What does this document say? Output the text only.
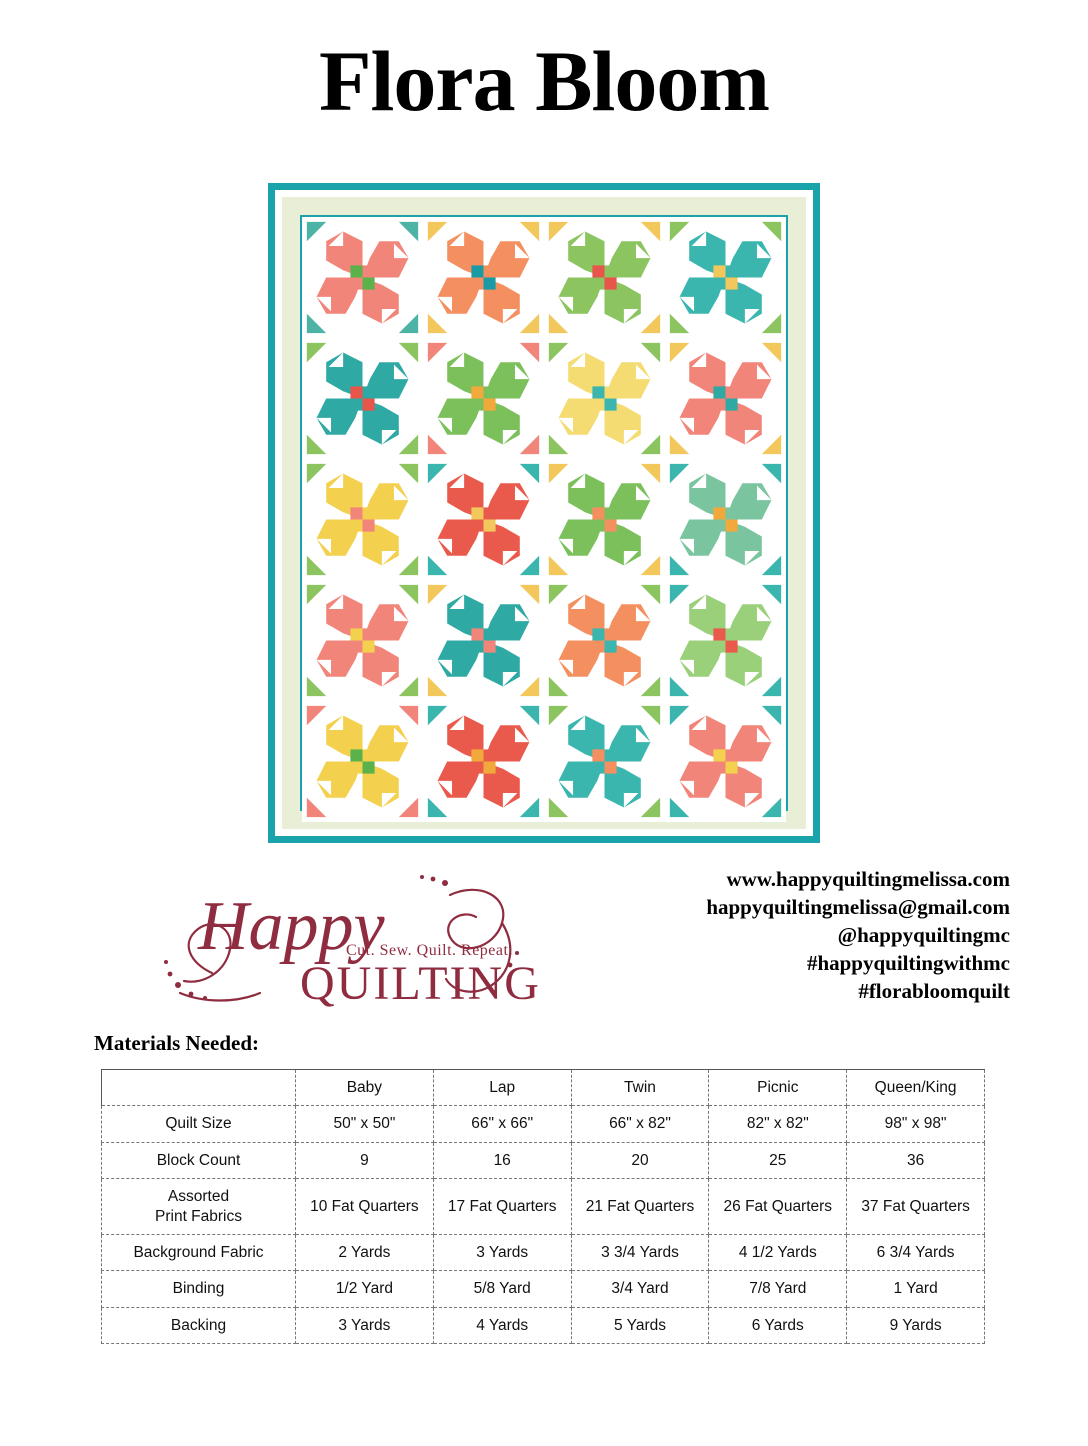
Flora Bloom
Happy
QUILTING
Cut. Sew. Quilt. Repeat.
www.happyquiltingmelissa.com
happyquiltingmelissa@gmail.com
@happyquiltingmc
#happyquiltingwithmc
#florabloomquilt
Materials Needed:
	Baby	Lap	Twin	Picnic	Queen/King
Quilt Size	50" x 50"	66" x 66"	66" x 82"	82" x 82"	98" x 98"
Block Count	9	16	20	25	36

Assorted
Print Fabrics	10 Fat Quarters	17 Fat Quarters	21 Fat Quarters	26 Fat Quarters	37 Fat Quarters
Background Fabric	2 Yards	3 Yards	3 3/4 Yards	4 1/2 Yards	6 3/4 Yards
Binding	1/2 Yard	5/8 Yard	3/4 Yard	7/8 Yard	1 Yard
Backing	3 Yards	4 Yards	5 Yards	6 Yards	9 Yards
